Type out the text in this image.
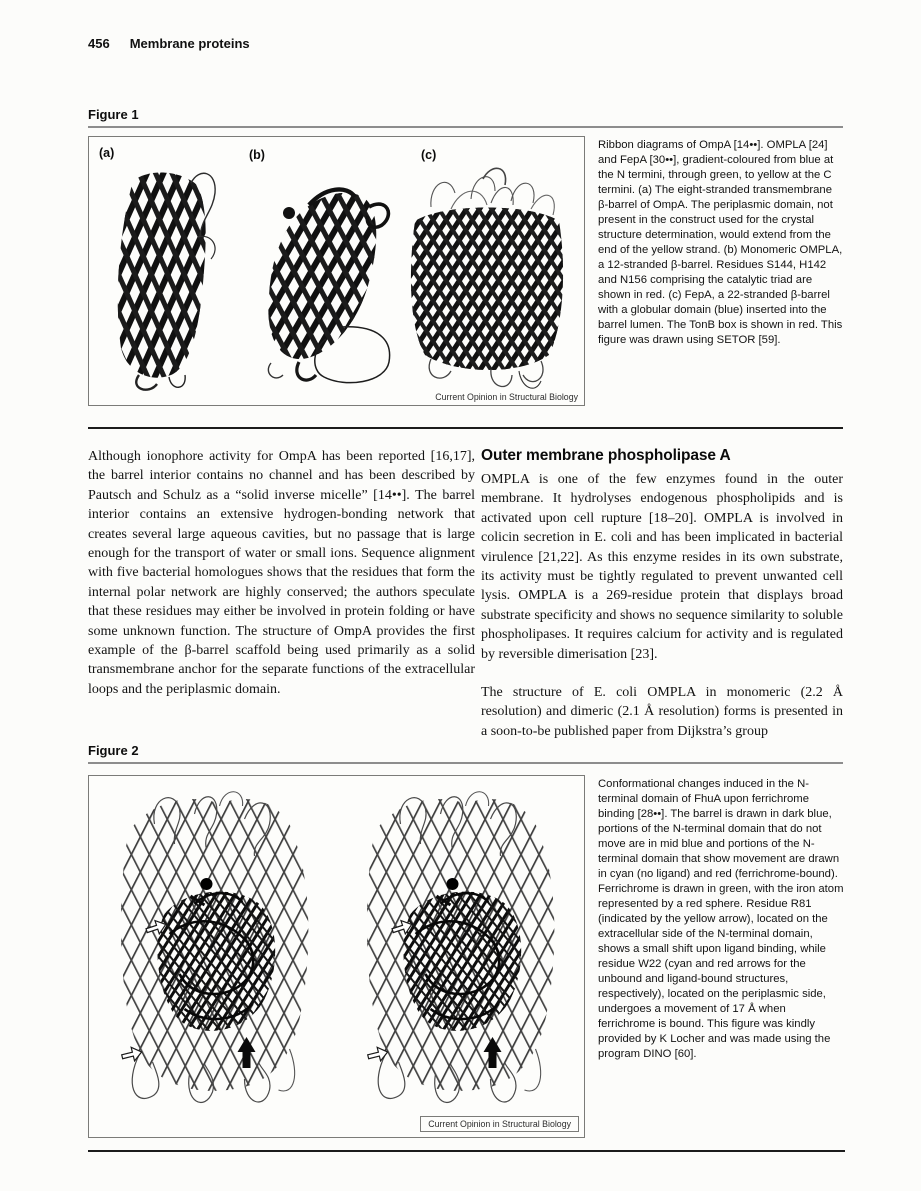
456 Membrane proteins
Figure 1
(a)	(b)	(c)
Current Opinion in Structural Biology
Ribbon diagrams of OmpA [14••]. OMPLA [24] and FepA [30••], gradient-coloured from blue at the N termini, through green, to yellow at the C termini. (a) The eight-stranded transmembrane β-barrel of OmpA. The periplasmic domain, not present in the construct used for the crystal structure determination, would extend from the end of the yellow strand. (b) Monomeric OMPLA, a 12-stranded β-barrel. Residues S144, H142 and N156 comprising the catalytic triad are shown in red. (c) FepA, a 22-stranded β-barrel with a globular domain (blue) inserted into the barrel lumen. The TonB box is shown in red. This figure was drawn using SETOR [59].

Although ionophore activity for OmpA has been reported [16,17], the barrel interior contains no channel and has been described by Pautsch and Schulz as a “solid inverse micelle” [14••]. The barrel interior contains an extensive hydrogen-bonding network that creates several large aqueous cavities, but no passage that is large enough for the transport of water or small ions. Sequence alignment with five bacterial homologues shows that the residues that form the internal polar network are highly conserved; the authors speculate that these residues may either be involved in protein folding or have some unknown function. The structure of OmpA provides the first example of the β-barrel scaffold being used primarily as a solid transmembrane anchor for the separate functions of the extracellular loops and the periplasmic domain.

Outer membrane phospholipase A

OMPLA is one of the few enzymes found in the outer membrane. It hydrolyses endogenous phospholipids and is activated upon cell rupture [18–20]. OMPLA is involved in colicin secretion in E. coli and has been implicated in bacterial virulence [21,22]. As this enzyme resides in its own substrate, its activity must be tightly regulated to prevent unwanted cell lysis. OMPLA is a 269-residue protein that displays broad substrate specificity and shows no sequence similarity to soluble phospholipases. It requires calcium for activity and is regulated by reversible dimerisation [23].

The structure of E. coli OMPLA in monomeric (2.2 Å resolution) and dimeric (2.1 Å resolution) forms is presented in a soon-to-be published paper from Dijkstra’s group

Figure 2
Current Opinion in Structural Biology
Conformational changes induced in the N-terminal domain of FhuA upon ferrichrome binding [28••]. The barrel is drawn in dark blue, portions of the N-terminal domain that do not move are in mid blue and portions of the N-terminal domain that show movement are drawn in cyan (no ligand) and red (ferrichrome-bound). Ferrichrome is drawn in green, with the iron atom represented by a red sphere. Residue R81 (indicated by the yellow arrow), located on the extracellular side of the N-terminal domain, shows a small shift upon ligand binding, while residue W22 (cyan and red arrows for the unbound and ligand-bound structures, respectively), located on the periplasmic side, undergoes a movement of 17 Å when ferrichrome is bound. This figure was kindly provided by K Locher and was made using the program DINO [60].
